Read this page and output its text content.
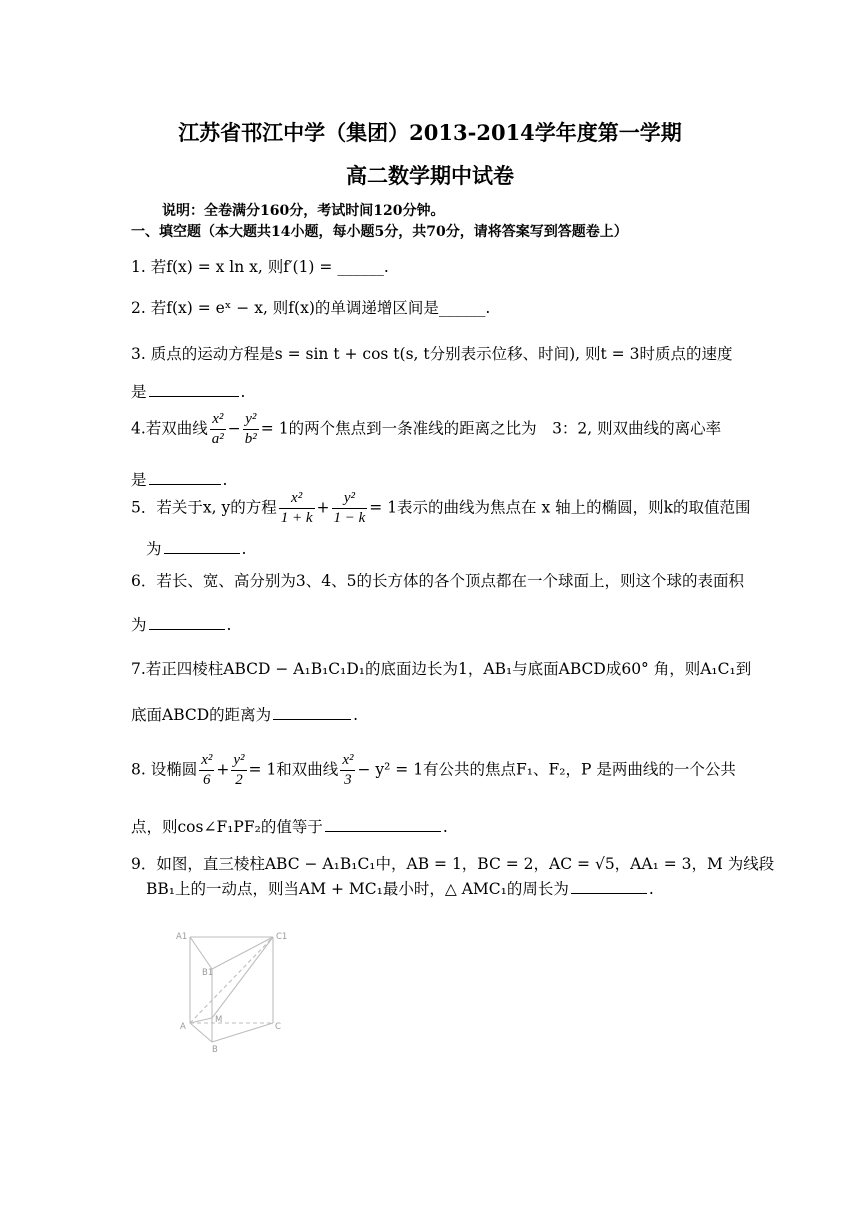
江苏省邗江中学（集团）2013-2014学年度第一学期
高二数学期中试卷
说明：全卷满分160分，考试时间120分钟。
一、填空题（本大题共14小题，每小题5分，共70分，请将答案写到答题卷上）
1. 若f(x) = x ln x, 则f′(1) = ______.
2. 若f(x) = eˣ − x, 则f(x)的单调递增区间是______.
3. 质点的运动方程是s = sin t + cos t(s, t分别表示位移、时间), 则t = 3时质点的速度
是	.
4.若双曲线 $\frac{\text{x²}}{\text{a²}} - \frac{\text{y²}}{\text{b²}} = 1$的两个焦点到一条准线的距离之比为　3：2, 则双曲线的离心率
是	.
5．若关于x, y的方程 $\frac{\text{x²}}{1 + k} + \frac{\text{y²}}{1 - k} = 1$表示的曲线为焦点在 x 轴上的椭圆，则k的取值范围
为	.
6．若长、宽、高分别为3、4、5的长方体的各个顶点都在一个球面上，则这个球的表面积
为	.
7.若正四棱柱ABCD − A₁B₁C₁D₁的底面边长为1，AB₁与底面ABCD成60° 角，则A₁C₁到
底面ABCD的距离为	.
8. 设椭圆 $\frac{\text{x²}}{6} + \frac{\text{y²}}{2} = 1$和双曲线 $\frac{\text{x²}}{3} - y^2 = 1$有公共的焦点F₁、F₂，P 是两曲线的一个公共
点，则cos∠F₁PF₂的值等于	.
9．如图，直三棱柱ABC − A₁B₁C₁中，AB = 1，BC = 2，AC = √5，AA₁ = 3，M 为线段
BB₁上的一动点，则当AM + MC₁最小时，△ AMC₁的周长为	.
A1	C1
B1
A
M
C
B
